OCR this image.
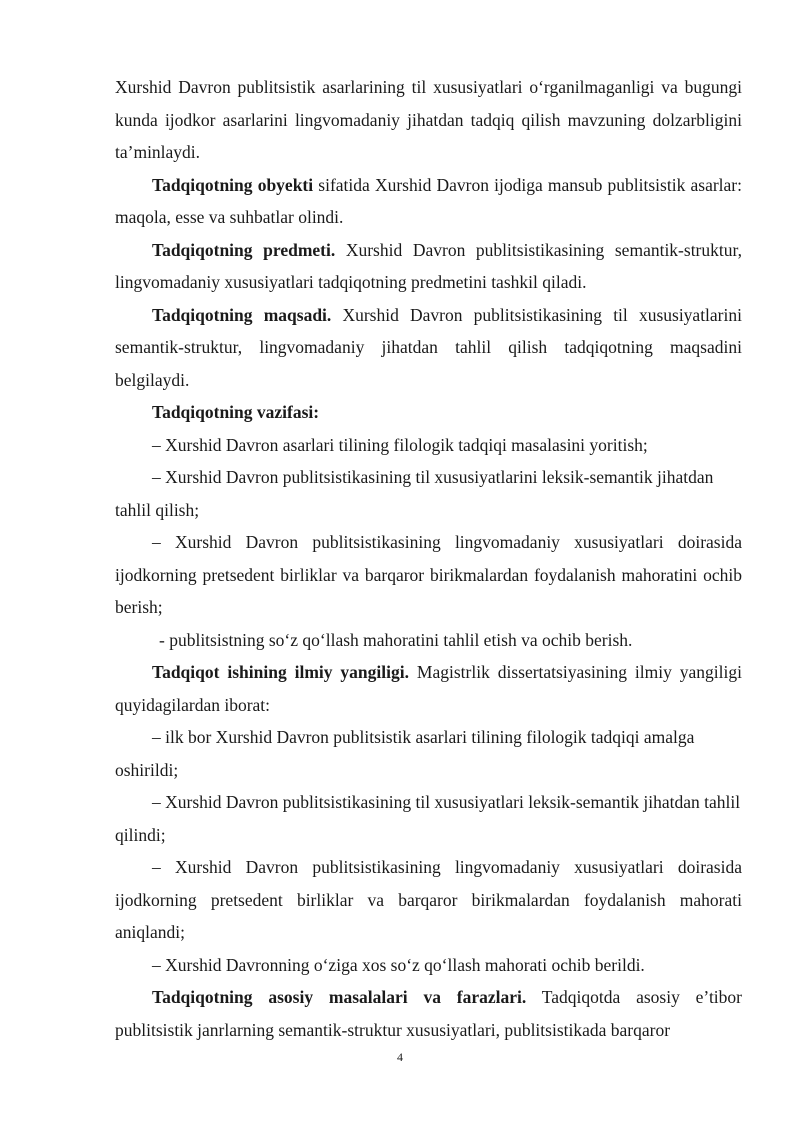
Xurshid Davron publitsistik asarlarining til xususiyatlari o‘rganilmaganligi va bugungi kunda ijodkor asarlarini lingvomadaniy jihatdan tadqiq qilish mavzuning dolzarbligini ta’minlaydi.

Tadqiqotning obyekti sifatida Xurshid Davron ijodiga mansub publitsistik asarlar: maqola, esse va suhbatlar olindi.

Tadqiqotning predmeti. Xurshid Davron publitsistikasining semantik-struktur, lingvomadaniy xususiyatlari tadqiqotning predmetini tashkil qiladi.

Tadqiqotning maqsadi. Xurshid Davron publitsistikasining til xususiyatlarini semantik-struktur, lingvomadaniy jihatdan tahlil qilish tadqiqotning maqsadini belgilaydi.

Tadqiqotning vazifasi:

– Xurshid Davron asarlari tilining filologik tadqiqi masalasini yoritish;

– Xurshid Davron publitsistikasining til xususiyatlarini leksik-semantik jihatdan tahlil qilish;

– Xurshid Davron publitsistikasining lingvomadaniy xususiyatlari doirasida ijodkorning pretsedent birliklar va barqaror birikmalardan foydalanish mahoratini ochib berish;

- publitsistning so‘z qo‘llash mahoratini tahlil etish va ochib berish.

Tadqiqot ishining ilmiy yangiligi. Magistrlik dissertatsiyasining ilmiy yangiligi quyidagilardan iborat:

– ilk bor Xurshid Davron publitsistik asarlari tilining filologik tadqiqi amalga oshirildi;

– Xurshid Davron publitsistikasining til xususiyatlari leksik-semantik jihatdan tahlil qilindi;

– Xurshid Davron publitsistikasining lingvomadaniy xususiyatlari doirasida ijodkorning pretsedent birliklar va barqaror birikmalardan foydalanish mahorati aniqlandi;

– Xurshid Davronning o‘ziga xos so‘z qo‘llash mahorati ochib berildi.

Tadqiqotning asosiy masalalari va farazlari. Tadqiqotda asosiy e’tibor publitsistik janrlarning semantik-struktur xususiyatlari, publitsistikada barqaror

4
